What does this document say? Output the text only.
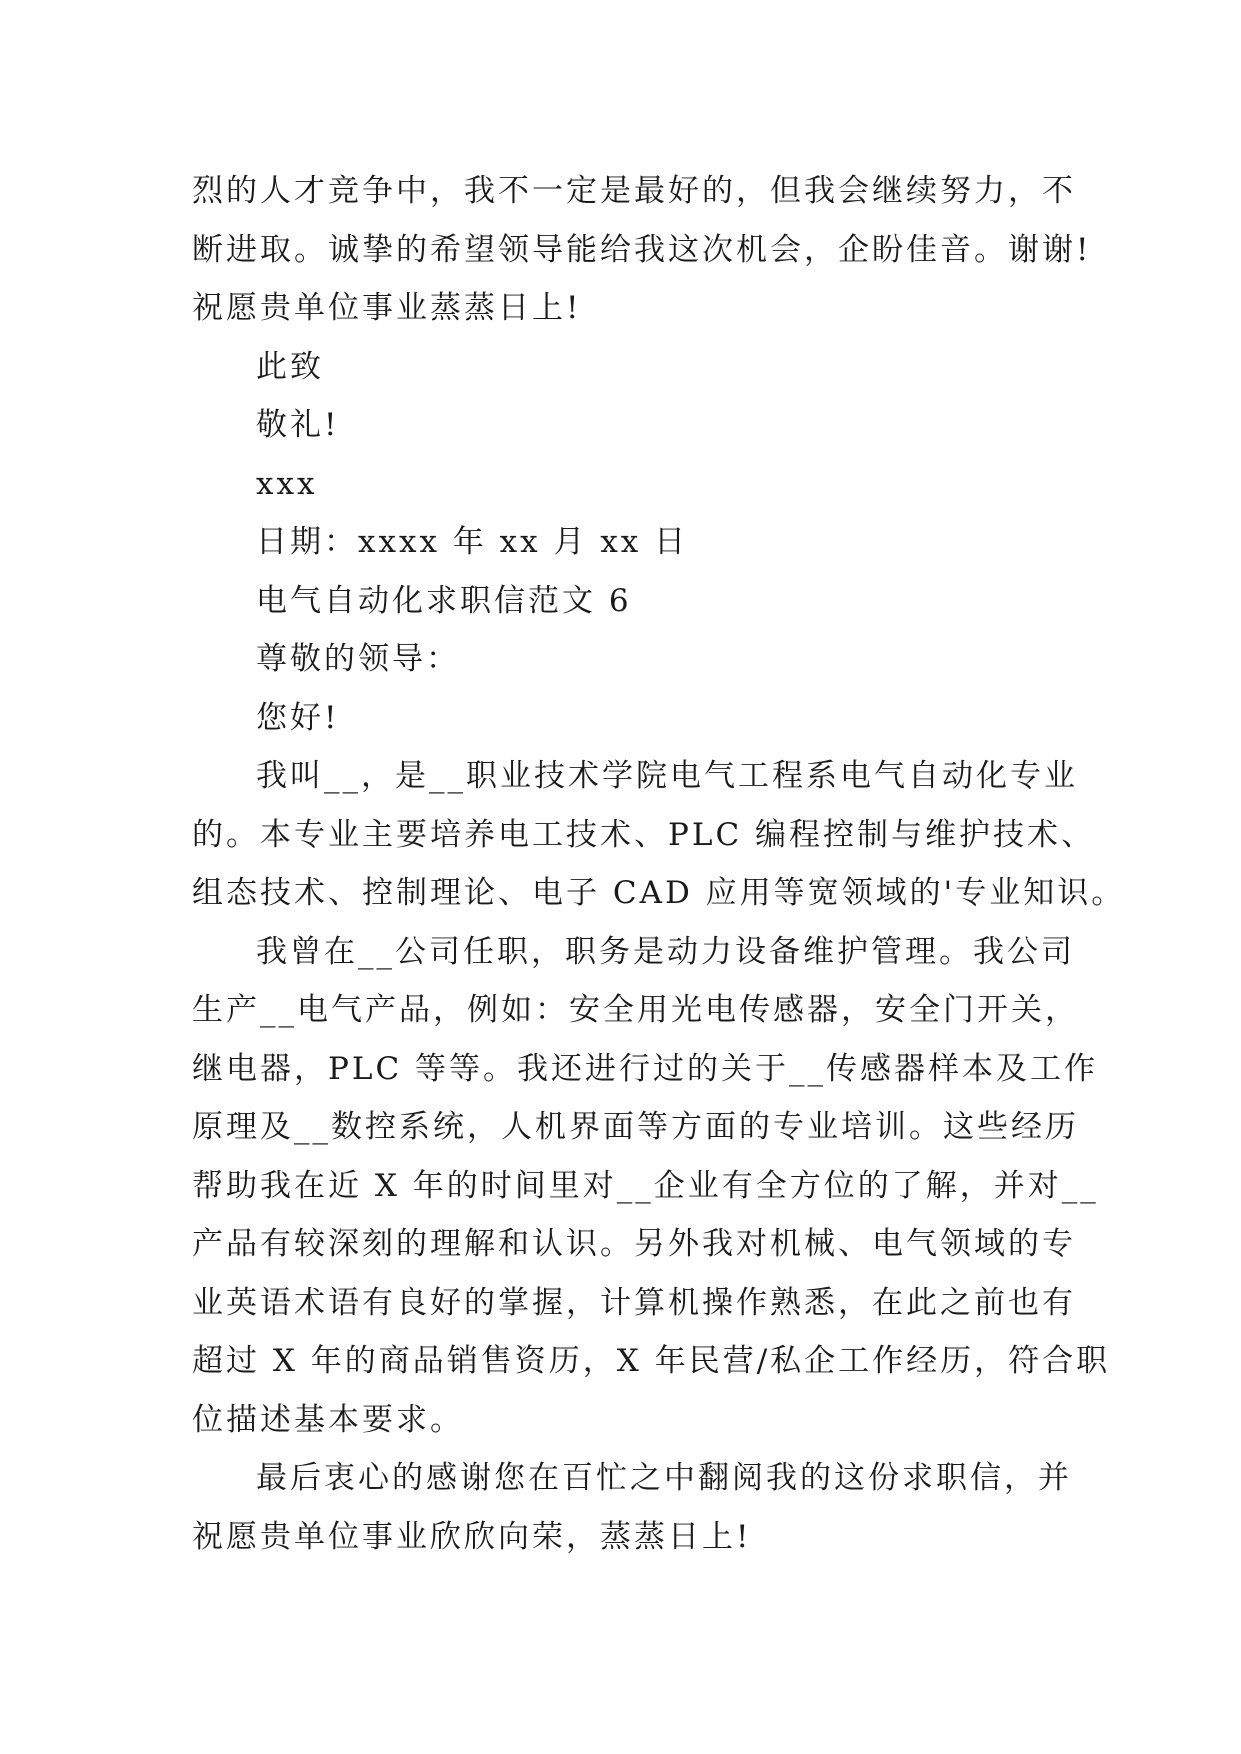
烈的人才竞争中，我不一定是最好的，但我会继续努力，不
断进取。诚挚的希望领导能给我这次机会，企盼佳音。谢谢!
祝愿贵单位事业蒸蒸日上!

此致

敬礼!

xxx

日期：xxxx 年 xx 月 xx 日

电气自动化求职信范文 6

尊敬的领导：

您好!

我叫__，是__职业技术学院电气工程系电气自动化专业
的。本专业主要培养电工技术、PLC 编程控制与维护技术、
组态技术、控制理论、电子 CAD 应用等宽领域的'专业知识。

我曾在__公司任职，职务是动力设备维护管理。我公司
生产__电气产品，例如：安全用光电传感器，安全门开关，
继电器，PLC 等等。我还进行过的关于__传感器样本及工作
原理及__数控系统，人机界面等方面的专业培训。这些经历
帮助我在近 X 年的时间里对__企业有全方位的了解，并对__
产品有较深刻的理解和认识。另外我对机械、电气领域的专
业英语术语有良好的掌握，计算机操作熟悉，在此之前也有
超过 X 年的商品销售资历，X 年民营/私企工作经历，符合职
位描述基本要求。

最后衷心的感谢您在百忙之中翻阅我的这份求职信，并
祝愿贵单位事业欣欣向荣，蒸蒸日上!
